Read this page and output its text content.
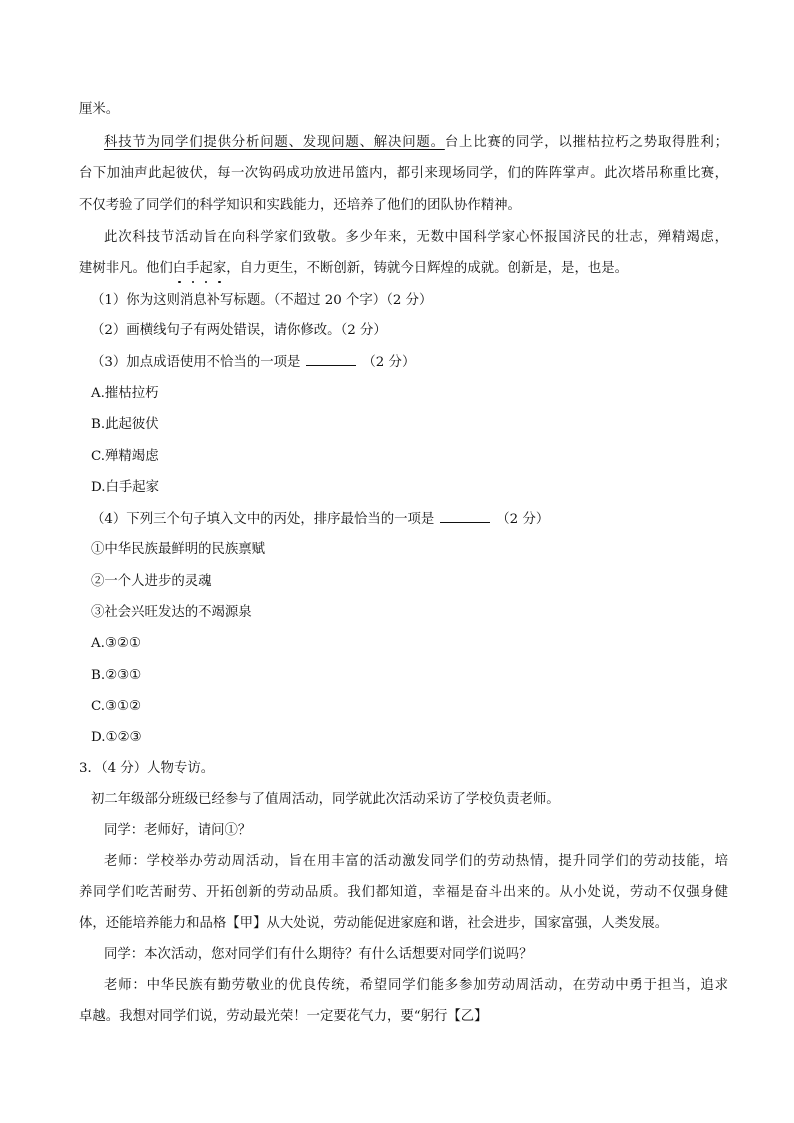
厘米。
科技节为同学们提供分析问题、发现问题、解决问题。台上比赛的同学，以摧枯拉朽之势取得胜利；
台下加油声此起彼伏，每一次钩码成功放进吊篮内，都引来现场同学，们的阵阵掌声。此次塔吊称重比赛，
不仅考验了同学们的科学知识和实践能力，还培养了他们的团队协作精神。
此次科技节活动旨在向科学家们致敬。多少年来，无数中国科学家心怀报国济民的壮志，殚精竭虑，
建树非凡。他们白手起家，自力更生，不断创新，铸就今日辉煌的成就。创新是，是，也是。
（1）你为这则消息补写标题。（不超过 20 个字）（2 分）
（2）画横线句子有两处错误，请你修改。（2 分）
（3）加点成语使用不恰当的一项是	（2 分）
A.摧枯拉朽
B.此起彼伏
C.殚精竭虑
D.白手起家
（4）下列三个句子填入文中的丙处，排序最恰当的一项是	（2 分）
①中华民族最鲜明的民族禀赋
②一个人进步的灵魂
③社会兴旺发达的不竭源泉
A.③②①
B.②③①
C.③①②
D.①②③
3．（4 分）人物专访。
初二年级部分班级已经参与了值周活动，同学就此次活动采访了学校负责老师。
同学：老师好，请问①？
老师：学校举办劳动周活动，旨在用丰富的活动激发同学们的劳动热情，提升同学们的劳动技能，培
养同学们吃苦耐劳、开拓创新的劳动品质。我们都知道，幸福是奋斗出来的。从小处说，劳动不仅强身健
体，还能培养能力和品格【甲】从大处说，劳动能促进家庭和谐，社会进步，国家富强，人类发展。
同学：本次活动，您对同学们有什么期待？有什么话想要对同学们说吗？
老师：中华民族有勤劳敬业的优良传统，希望同学们能多参加劳动周活动，在劳动中勇于担当，追求
卓越。我想对同学们说，劳动最光荣！一定要花气力，要“躬行【乙】
